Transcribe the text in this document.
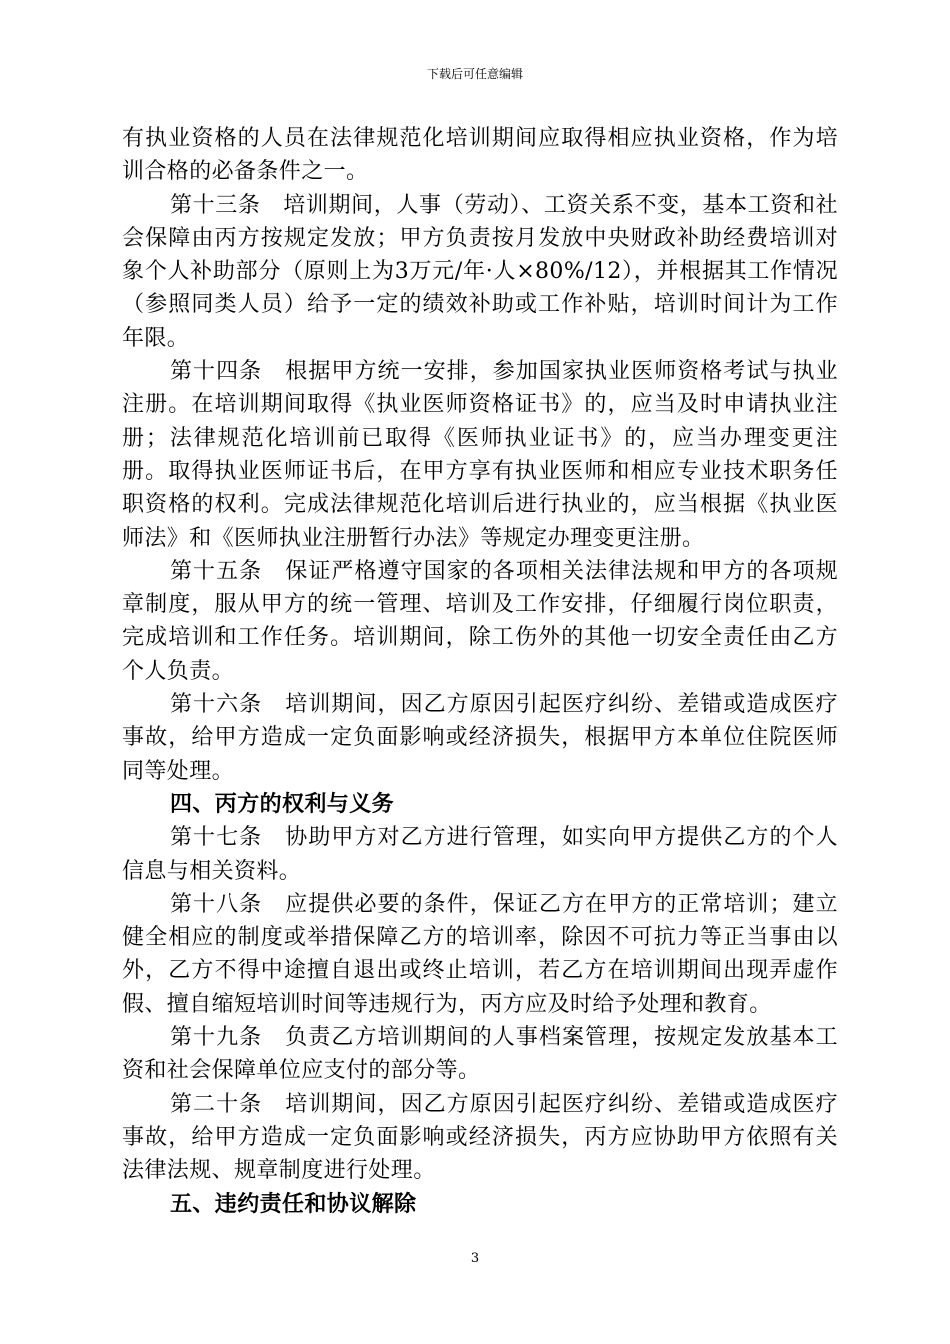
下载后可任意编辑

有执业资格的人员在法律规范化培训期间应取得相应执业资格，作为培训合格的必备条件之一。

第十三条　培训期间，人事（劳动）、工资关系不变，基本工资和社会保障由丙方按规定发放；甲方负责按月发放中央财政补助经费培训对象个人补助部分（原则上为3万元/年·人×80%/12），并根据其工作情况（参照同类人员）给予一定的绩效补助或工作补贴，培训时间计为工作年限。

第十四条　根据甲方统一安排，参加国家执业医师资格考试与执业注册。在培训期间取得《执业医师资格证书》的，应当及时申请执业注册；法律规范化培训前已取得《医师执业证书》的，应当办理变更注册。取得执业医师证书后，在甲方享有执业医师和相应专业技术职务任职资格的权利。完成法律规范化培训后进行执业的，应当根据《执业医师法》和《医师执业注册暂行办法》等规定办理变更注册。

第十五条　保证严格遵守国家的各项相关法律法规和甲方的各项规章制度，服从甲方的统一管理、培训及工作安排，仔细履行岗位职责，完成培训和工作任务。培训期间，除工伤外的其他一切安全责任由乙方个人负责。

第十六条　培训期间，因乙方原因引起医疗纠纷、差错或造成医疗事故，给甲方造成一定负面影响或经济损失，根据甲方本单位住院医师同等处理。

四、丙方的权利与义务

第十七条　协助甲方对乙方进行管理，如实向甲方提供乙方的个人信息与相关资料。

第十八条　应提供必要的条件，保证乙方在甲方的正常培训；建立健全相应的制度或举措保障乙方的培训率，除因不可抗力等正当事由以外，乙方不得中途擅自退出或终止培训，若乙方在培训期间出现弄虚作假、擅自缩短培训时间等违规行为，丙方应及时给予处理和教育。

第十九条　负责乙方培训期间的人事档案管理，按规定发放基本工资和社会保障单位应支付的部分等。

第二十条　培训期间，因乙方原因引起医疗纠纷、差错或造成医疗事故，给甲方造成一定负面影响或经济损失，丙方应协助甲方依照有关法律法规、规章制度进行处理。

五、违约责任和协议解除

3
